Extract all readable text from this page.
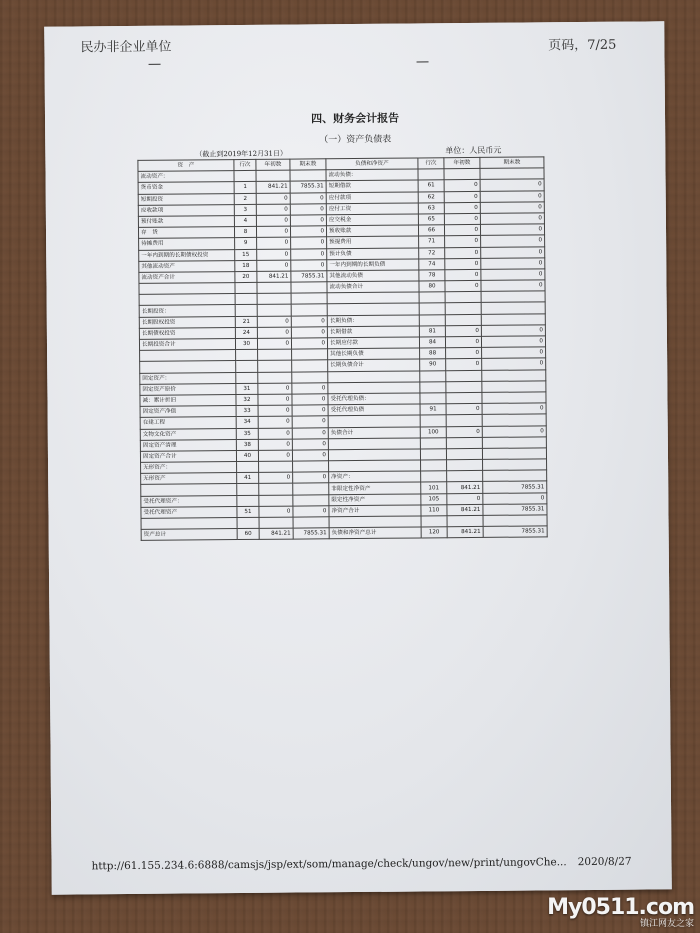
民办非企业单位	页码，7/25
四、财务会计报告
（一）资产负债表
（截止到2019年12月31日）	单位：人民币元
资　产	行次	年初数	期末数	负债和净资产	行次	年初数	期末数
流动资产：				流动负债：			
货币资金	1	841.21	7855.31	短期借款	61	0	0
短期投资	2	0	0	应付款项	62	0	0
应收款项	3	0	0	应付工资	63	0	0
预付账款	4	0	0	应交税金	65	0	0
存　货	8	0	0	预收账款	66	0	0
待摊费用	9	0	0	预提费用	71	0	0
一年内到期的长期债权投资	15	0	0	预计负债	72	0	0
其他流动资产	18	0	0	一年内到期的长期负债	74	0	0
流动资产合计	20	841.21	7855.31	其他流动负债	78	0	0
				流动负债合计	80	0	0

长期投资：							
长期股权投资	21	0	0	长期负债：			
长期债权投资	24	0	0	长期借款	81	0	0
长期投资合计	30	0	0	长期应付款	84	0	0
				其他长期负债	88	0	0
				长期负债合计	90	0	0
固定资产：							
固定资产原价	31	0	0				
减：累计折旧	32	0	0	受托代理负债：			
固定资产净值	33	0	0	受托代理负债	91	0	0
在建工程	34	0	0				
文物文化资产	35	0	0	负债合计	100	0	0
固定资产清理	38	0	0				
固定资产合计	40	0	0				
无形资产：							
无形资产	41	0	0	净资产：			
				非限定性净资产	101	841.21	7855.31
受托代理资产：				限定性净资产	105	0	0
受托代理资产	51	0	0	净资产合计	110	841.21	7855.31

资产总计	60	841.21	7855.31	负债和净资产总计	120	841.21	7855.31
http://61.155.234.6:6888/camsjs/jsp/ext/som/manage/check/ungov/new/print/ungovChe... 2020/8/27
My0511.com
镇江网友之家
